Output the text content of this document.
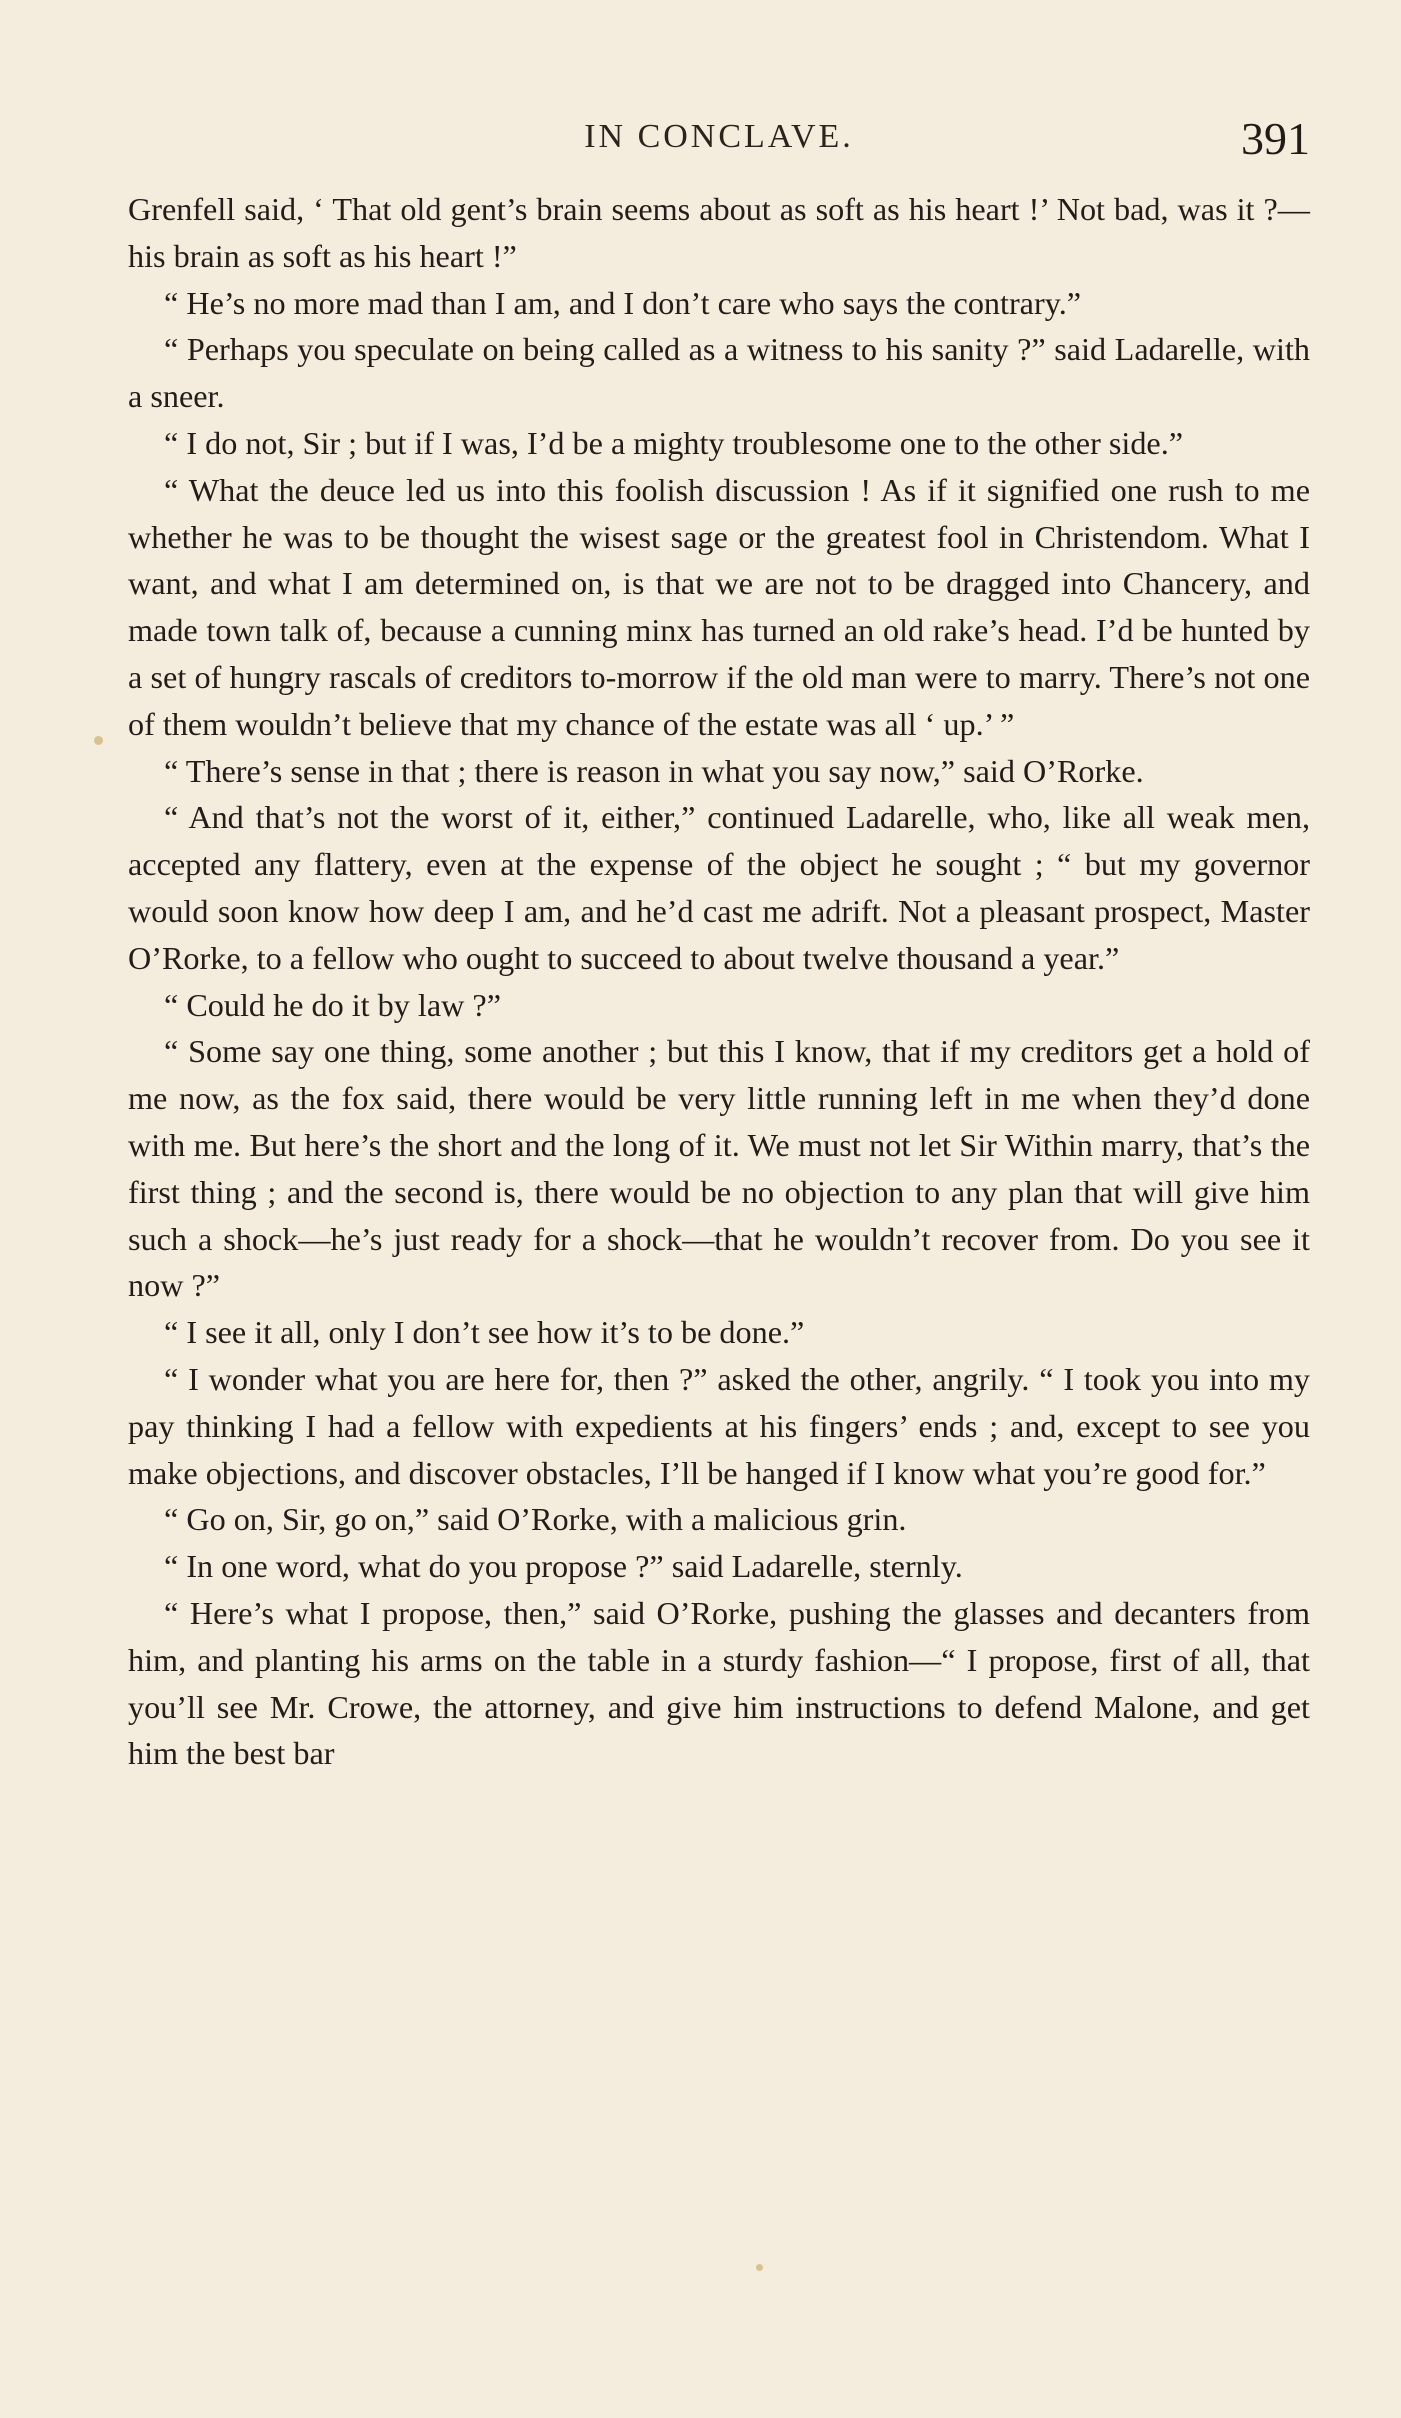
IN CONCLAVE.	391

Grenfell said, ‘ That old gent’s brain seems about as soft as his heart !’ Not bad, was it ?—his brain as soft as his heart !”

“ He’s no more mad than I am, and I don’t care who says the contrary.”

“ Perhaps you speculate on being called as a witness to his sanity ?” said Ladarelle, with a sneer.

“ I do not, Sir ; but if I was, I’d be a mighty troublesome one to the other side.”

“ What the deuce led us into this foolish discussion ! As if it signified one rush to me whether he was to be thought the wisest sage or the greatest fool in Christendom. What I want, and what I am determined on, is that we are not to be dragged into Chancery, and made town talk of, because a cunning minx has turned an old rake’s head. I’d be hunted by a set of hungry rascals of creditors to-morrow if the old man were to marry. There’s not one of them wouldn’t believe that my chance of the estate was all ‘ up.’ ”

“ There’s sense in that ; there is reason in what you say now,” said O’Rorke.

“ And that’s not the worst of it, either,” continued Ladarelle, who, like all weak men, accepted any flattery, even at the expense of the object he sought ; “ but my governor would soon know how deep I am, and he’d cast me adrift. Not a pleasant prospect, Master O’Rorke, to a fellow who ought to succeed to about twelve thousand a year.”

“ Could he do it by law ?”

“ Some say one thing, some another ; but this I know, that if my creditors get a hold of me now, as the fox said, there would be very little running left in me when they’d done with me. But here’s the short and the long of it. We must not let Sir Within marry, that’s the first thing ; and the second is, there would be no objection to any plan that will give him such a shock—he’s just ready for a shock—that he wouldn’t recover from. Do you see it now ?”

“ I see it all, only I don’t see how it’s to be done.”

“ I wonder what you are here for, then ?” asked the other, angrily. “ I took you into my pay thinking I had a fellow with expedients at his fingers’ ends ; and, except to see you make objections, and discover obstacles, I’ll be hanged if I know what you’re good for.”

“ Go on, Sir, go on,” said O’Rorke, with a malicious grin.

“ In one word, what do you propose ?” said Ladarelle, sternly.

“ Here’s what I propose, then,” said O’Rorke, pushing the glasses and decanters from him, and planting his arms on the table in a sturdy fashion—“ I propose, first of all, that you’ll see Mr. Crowe, the attorney, and give him instructions to defend Malone, and get him the best bar
